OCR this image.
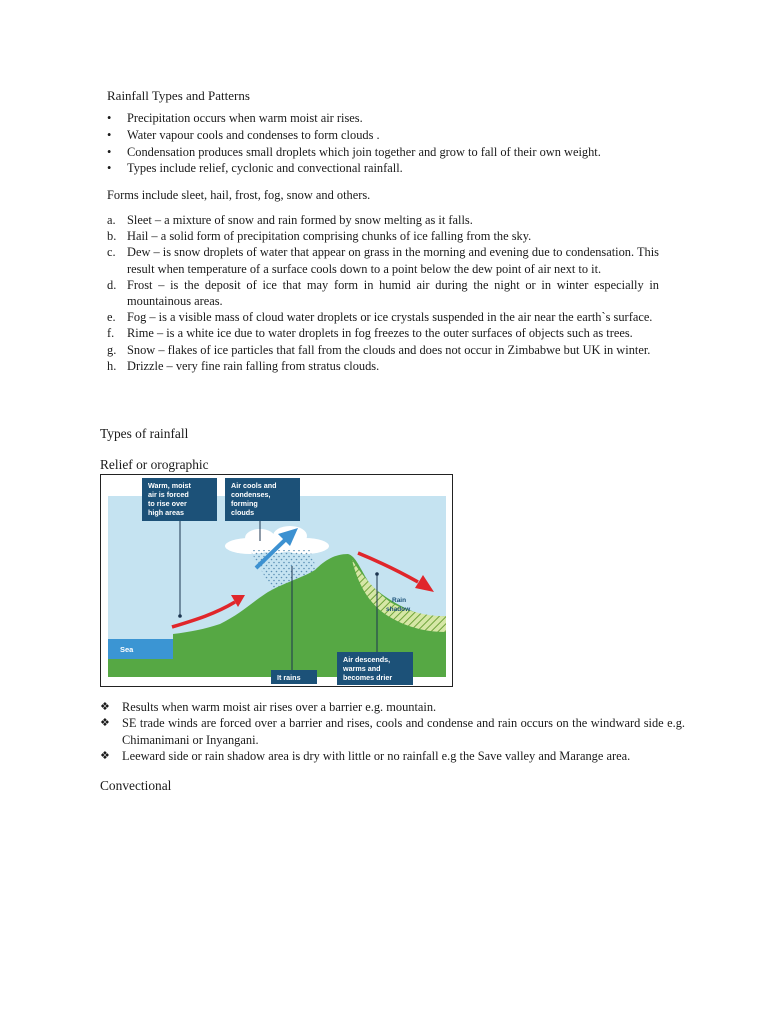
Rainfall Types and Patterns
• Precipitation occurs when warm moist air rises.
• Water vapour cools and condenses to form clouds .
• Condensation produces small droplets which join together and grow to fall of their own weight.
• Types include relief, cyclonic and convectional rainfall.

Forms include sleet, hail, frost, fog, snow and others.

a. Sleet – a mixture of snow and rain formed by snow melting as it falls.
b. Hail – a solid form of precipitation comprising chunks of ice falling from the sky.
c. Dew – is snow droplets of water that appear on grass in the morning and evening due to condensation. This result when temperature of a surface cools down to a point below the dew point of air next to it.
d. Frost – is the deposit of ice that may form in humid air during the night or in winter especially in mountainous areas.
e. Fog – is a visible mass of cloud water droplets or ice crystals suspended in the air near the earth`s surface.
f. Rime – is a white ice due to water droplets in fog freezes to the outer surfaces of objects such as trees.
g. Snow – flakes of ice particles that fall from the clouds and does not occur in Zimbabwe but UK in winter.
h. Drizzle – very fine rain falling from stratus clouds.
Types of rainfall
Relief or orographic
Sea
Rain
shadow
Warm, moist
air is forced
to rise over
high areas
Air cools and
condenses,
forming
clouds
It rains
Air descends,
warms and
becomes drier
❖ Results when warm moist air rises over a barrier e.g. mountain.
❖ SE trade winds are forced over a barrier and rises, cools and condense and rain occurs on the windward side e.g. Chimanimani or Inyangani.
❖ Leeward side or rain shadow area is dry with little or no rainfall e.g the Save valley and Marange area.
Convectional
